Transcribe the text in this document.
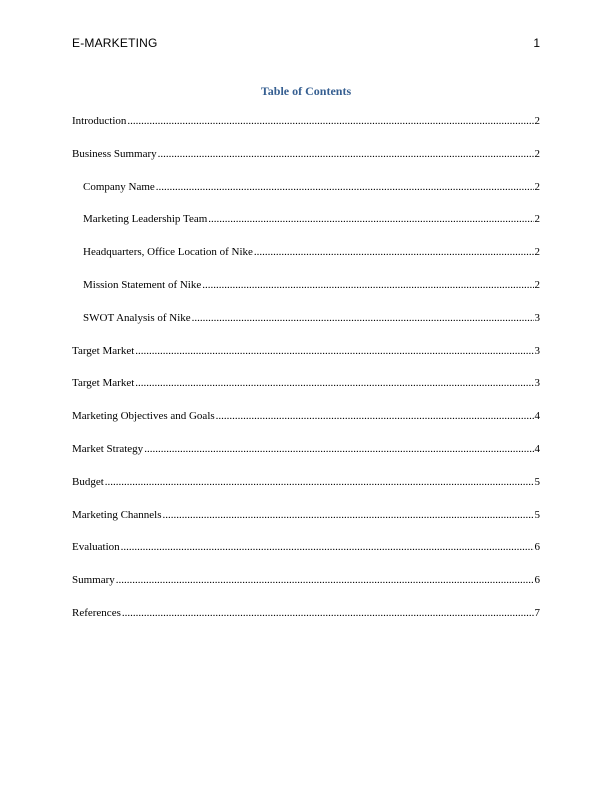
E-MARKETING	1
Table of Contents
Introduction .....	2
Business Summary .....	2
Company Name .....	2
Marketing Leadership Team .....	2
Headquarters, Office Location of Nike .....	2
Mission Statement of Nike .....	2
SWOT Analysis of Nike .....	3
Target Market .....	3
Target Market .....	3
Marketing Objectives and Goals .....	4
Market Strategy .....	4
Budget .....	5
Marketing Channels .....	5
Evaluation .....	6
Summary .....	6
References .....	7
